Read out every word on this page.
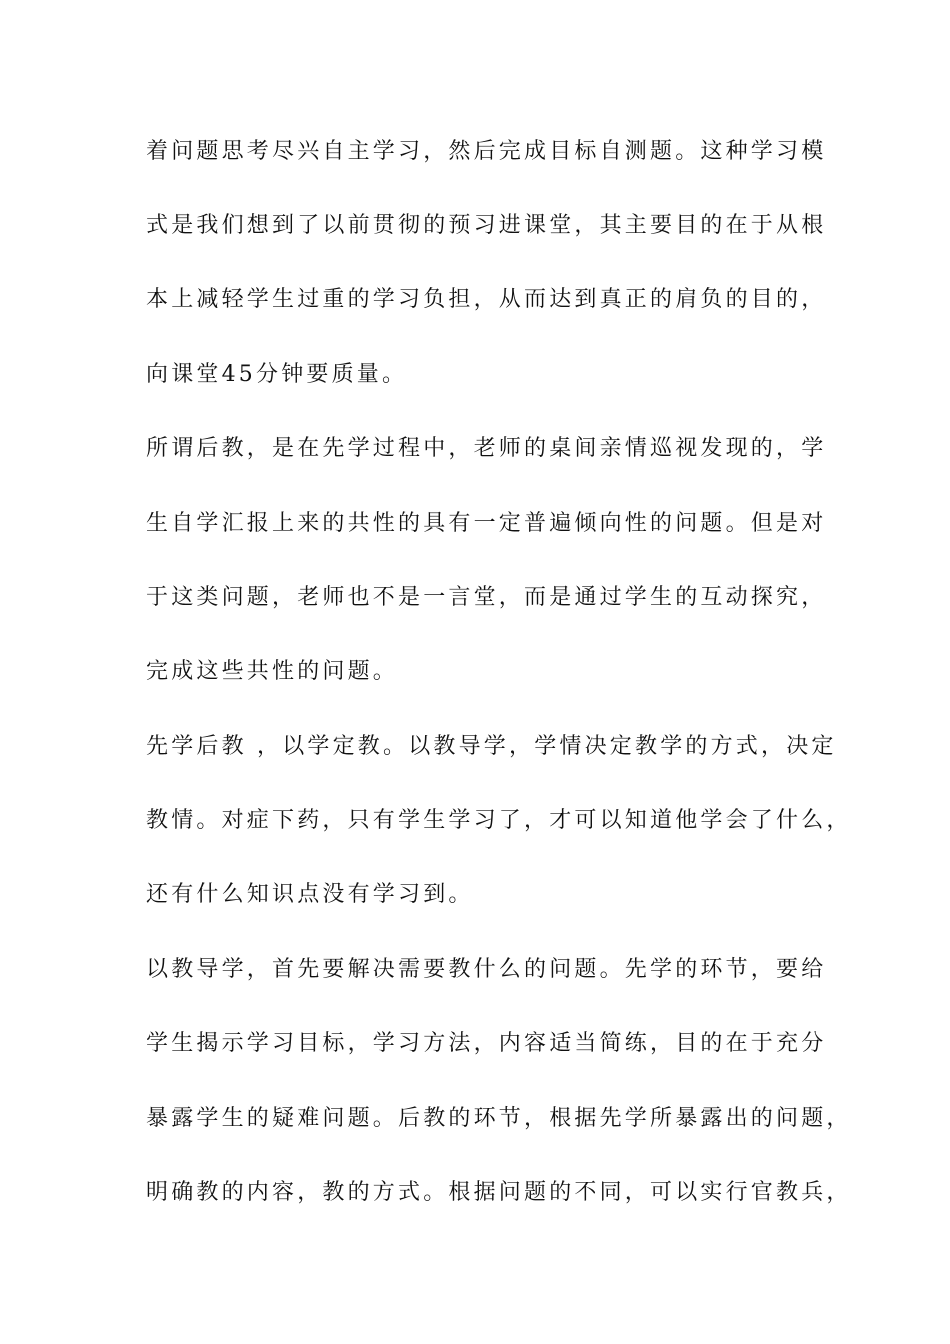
着问题思考尽兴自主学习，然后完成目标自测题。这种学习模
式是我们想到了以前贯彻的预习进课堂，其主要目的在于从根
本上减轻学生过重的学习负担，从而达到真正的肩负的目的，
向课堂45分钟要质量。
所谓后教，是在先学过程中，老师的桌间亲情巡视发现的，学
生自学汇报上来的共性的具有一定普遍倾向性的问题。但是对
于这类问题，老师也不是一言堂，而是通过学生的互动探究，
完成这些共性的问题。
先学后教 ，以学定教。以教导学，学情决定教学的方式，决定
教情。对症下药，只有学生学习了，才可以知道他学会了什么，
还有什么知识点没有学习到。
以教导学，首先要解决需要教什么的问题。先学的环节，要给
学生揭示学习目标，学习方法，内容适当简练，目的在于充分
暴露学生的疑难问题。后教的环节，根据先学所暴露出的问题，
明确教的内容，教的方式。根据问题的不同，可以实行官教兵，
